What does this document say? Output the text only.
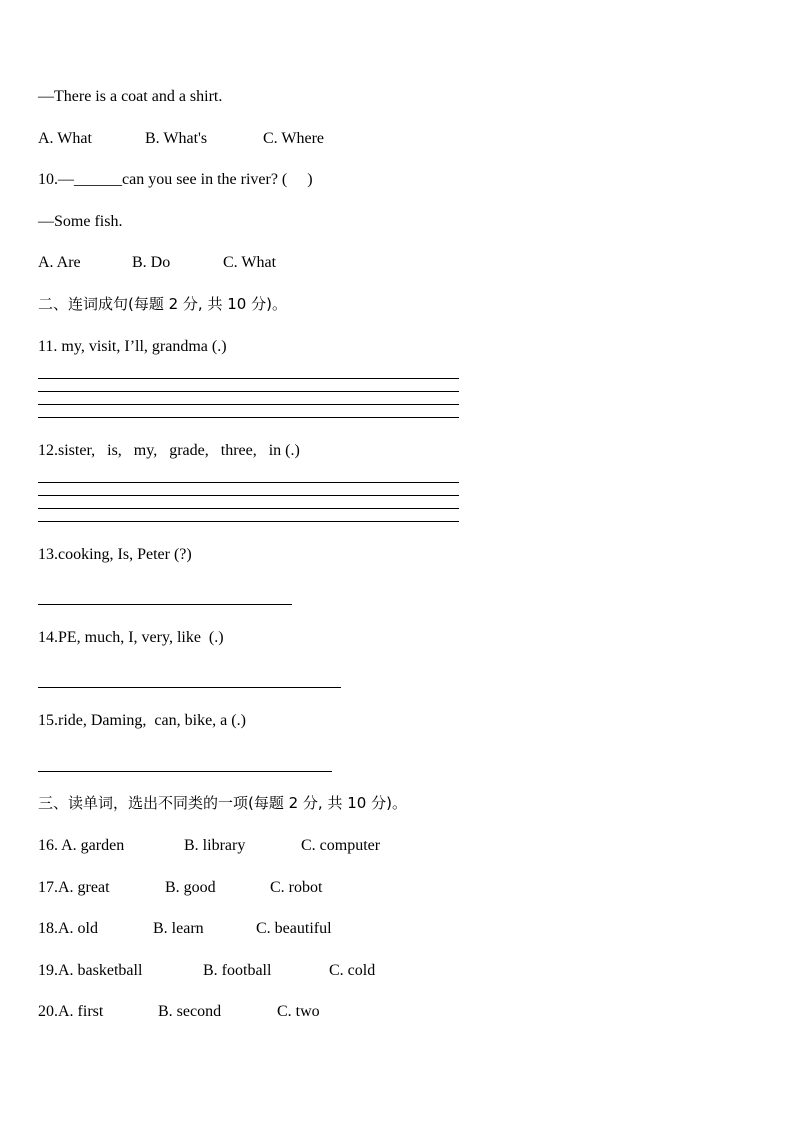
—There is a coat and a shirt.
A. What	B. What's	C. Where
10.—______can you see in the river? (     )
—Some fish.
A. Are	B. Do	C. What
二、连词成句(每题 2 分, 共 10 分)。
11. my, visit, I’ll, grandma (.)
12.sister,   is,   my,   grade,   three,   in (.)
13.cooking, Is, Peter (?)
14.PE, much, I, very, like  (.)
15.ride, Daming,  can, bike, a (.)
三、读单词，选出不同类的一项(每题 2 分, 共 10 分)。
16. A. garden	B. library	C. computer
17.A. great	B. good	C. robot
18.A. old	B. learn	C. beautiful
19.A. basketball	B. football	C. cold
20.A. first	B. second	C. two
